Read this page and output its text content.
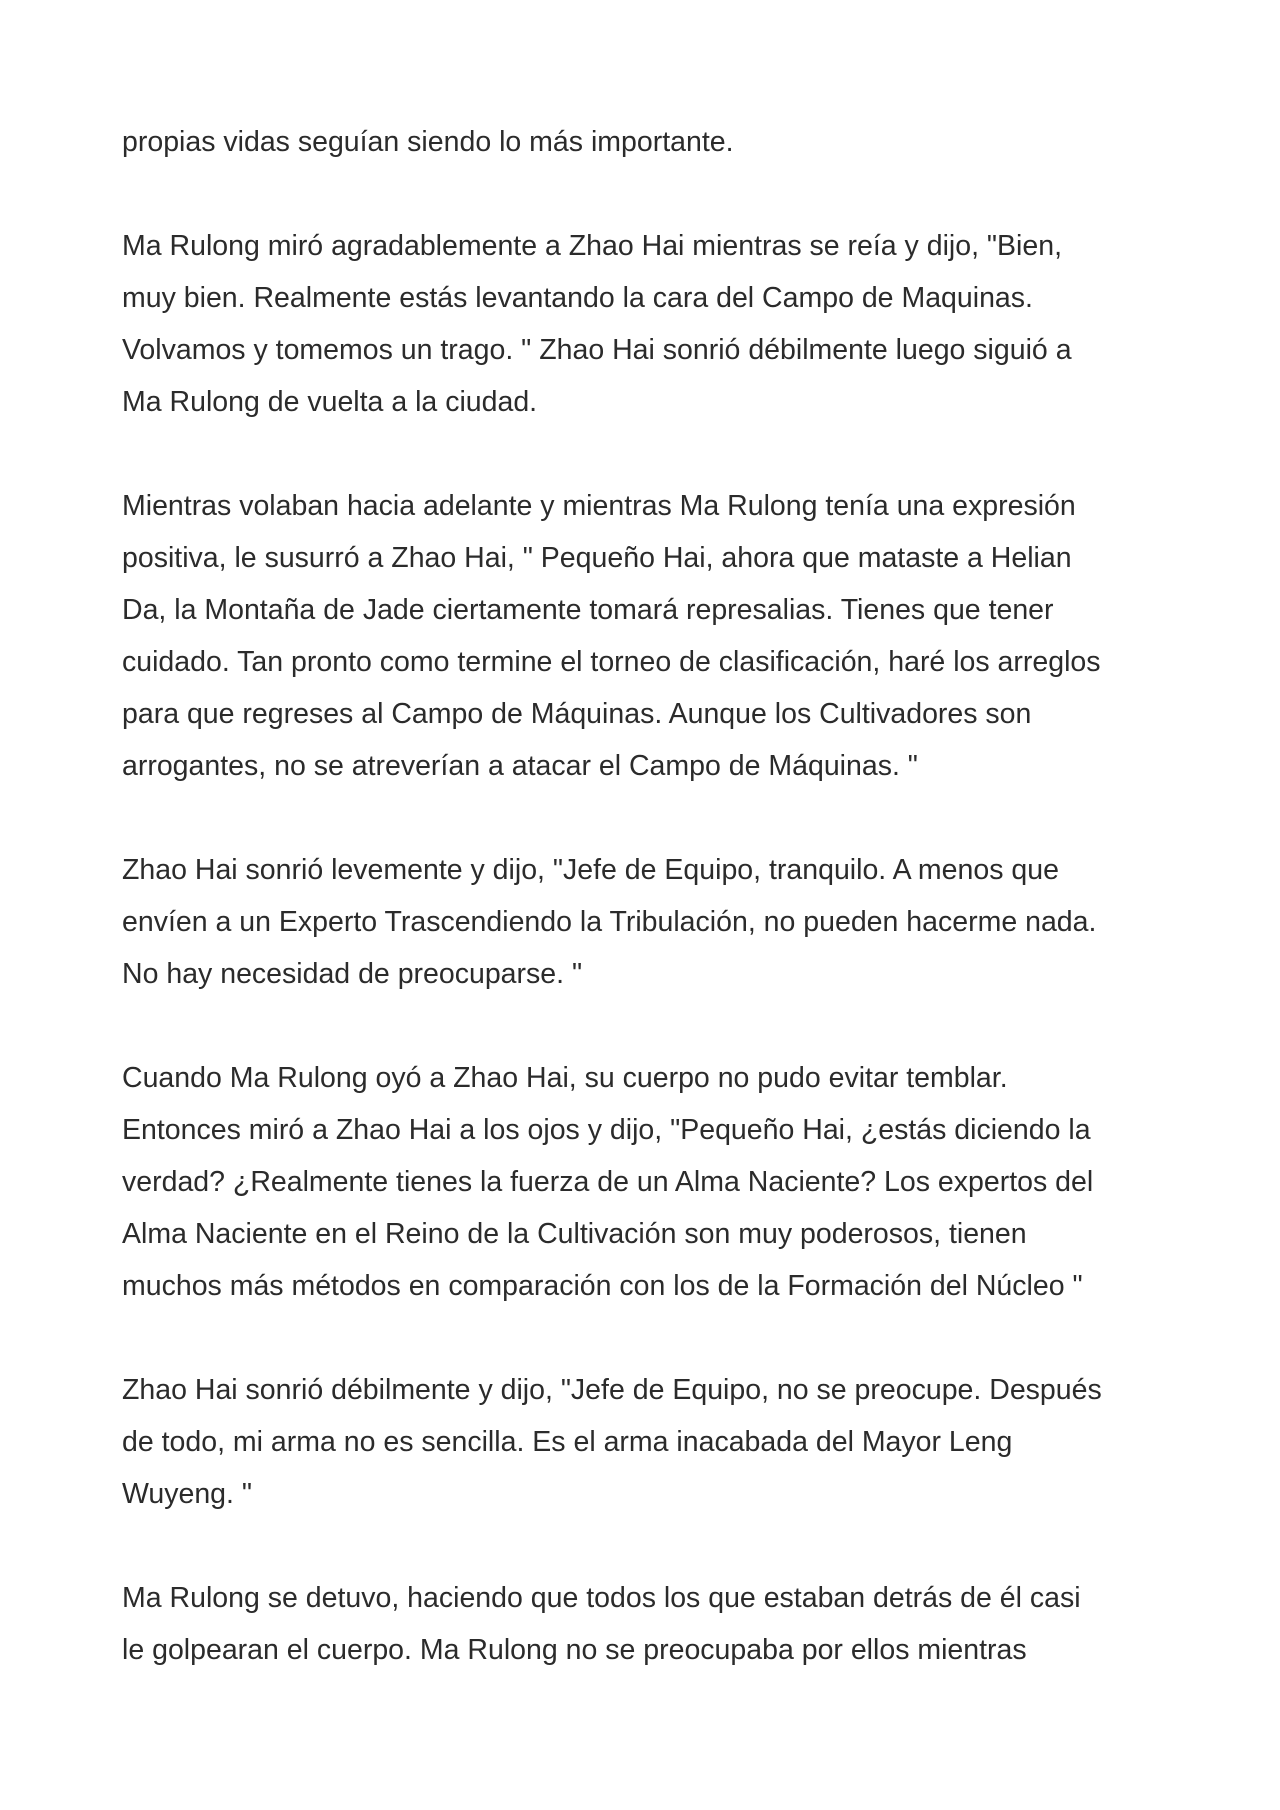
propias vidas seguían siendo lo más importante.

Ma Rulong miró agradablemente a Zhao Hai mientras se reía y dijo, "Bien,
muy bien. Realmente estás levantando la cara del Campo de Maquinas.
Volvamos y tomemos un trago. " Zhao Hai sonrió débilmente luego siguió a
Ma Rulong de vuelta a la ciudad.

Mientras volaban hacia adelante y mientras Ma Rulong tenía una expresión
positiva, le susurró a Zhao Hai, " Pequeño Hai, ahora que mataste a Helian
Da, la Montaña de Jade ciertamente tomará represalias. Tienes que tener
cuidado. Tan pronto como termine el torneo de clasificación, haré los arreglos
para que regreses al Campo de Máquinas. Aunque los Cultivadores son
arrogantes, no se atreverían a atacar el Campo de Máquinas. "

Zhao Hai sonrió levemente y dijo, "Jefe de Equipo, tranquilo. A menos que
envíen a un Experto Trascendiendo la Tribulación, no pueden hacerme nada.
No hay necesidad de preocuparse. "

Cuando Ma Rulong oyó a Zhao Hai, su cuerpo no pudo evitar temblar.
Entonces miró a Zhao Hai a los ojos y dijo, "Pequeño Hai, ¿estás diciendo la
verdad? ¿Realmente tienes la fuerza de un Alma Naciente? Los expertos del
Alma Naciente en el Reino de la Cultivación son muy poderosos, tienen
muchos más métodos en comparación con los de la Formación del Núcleo "

Zhao Hai sonrió débilmente y dijo, "Jefe de Equipo, no se preocupe. Después
de todo, mi arma no es sencilla. Es el arma inacabada del Mayor Leng
Wuyeng. "

Ma Rulong se detuvo, haciendo que todos los que estaban detrás de él casi
le golpearan el cuerpo. Ma Rulong no se preocupaba por ellos mientras
